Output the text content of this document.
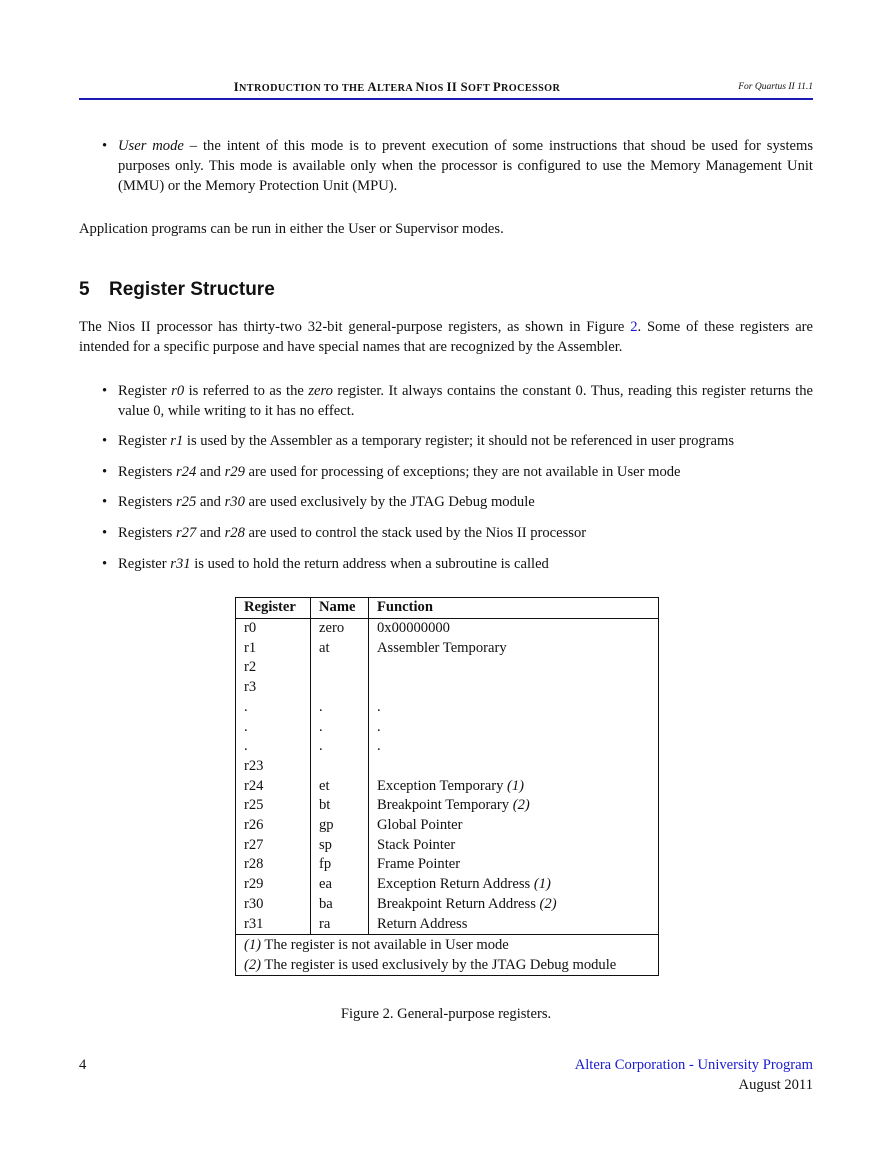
INTRODUCTION TO THE ALTERA NIOS II SOFT PROCESSOR	For Quartus II 11.1
• User mode – the intent of this mode is to prevent execution of some instructions that shoud be used for systems purposes only. This mode is available only when the processor is configured to use the Memory Management Unit (MMU) or the Memory Protection Unit (MPU).
Application programs can be run in either the User or Supervisor modes.
5 Register Structure
The Nios II processor has thirty-two 32-bit general-purpose registers, as shown in Figure 2. Some of these registers are intended for a specific purpose and have special names that are recognized by the Assembler.
• Register r0 is referred to as the zero register. It always contains the constant 0. Thus, reading this register returns the value 0, while writing to it has no effect.
• Register r1 is used by the Assembler as a temporary register; it should not be referenced in user programs
• Registers r24 and r29 are used for processing of exceptions; they are not available in User mode
• Registers r25 and r30 are used exclusively by the JTAG Debug module
• Registers r27 and r28 are used to control the stack used by the Nios II processor
• Register r31 is used to hold the return address when a subroutine is called
Register	Name	Function
r0	zero	0x00000000
r1	at	Assembler Temporary
r2		
r3		
.	.	.
.	.	.
.	.	.
r23		
r24	et	Exception Temporary (1)
r25	bt	Breakpoint Temporary (2)
r26	gp	Global Pointer
r27	sp	Stack Pointer
r28	fp	Frame Pointer
r29	ea	Exception Return Address (1)
r30	ba	Breakpoint Return Address (2)
r31	ra	Return Address
(1) The register is not available in User mode
(2) The register is used exclusively by the JTAG Debug module
Figure 2. General-purpose registers.
4	Altera Corporation - University Program
August 2011
